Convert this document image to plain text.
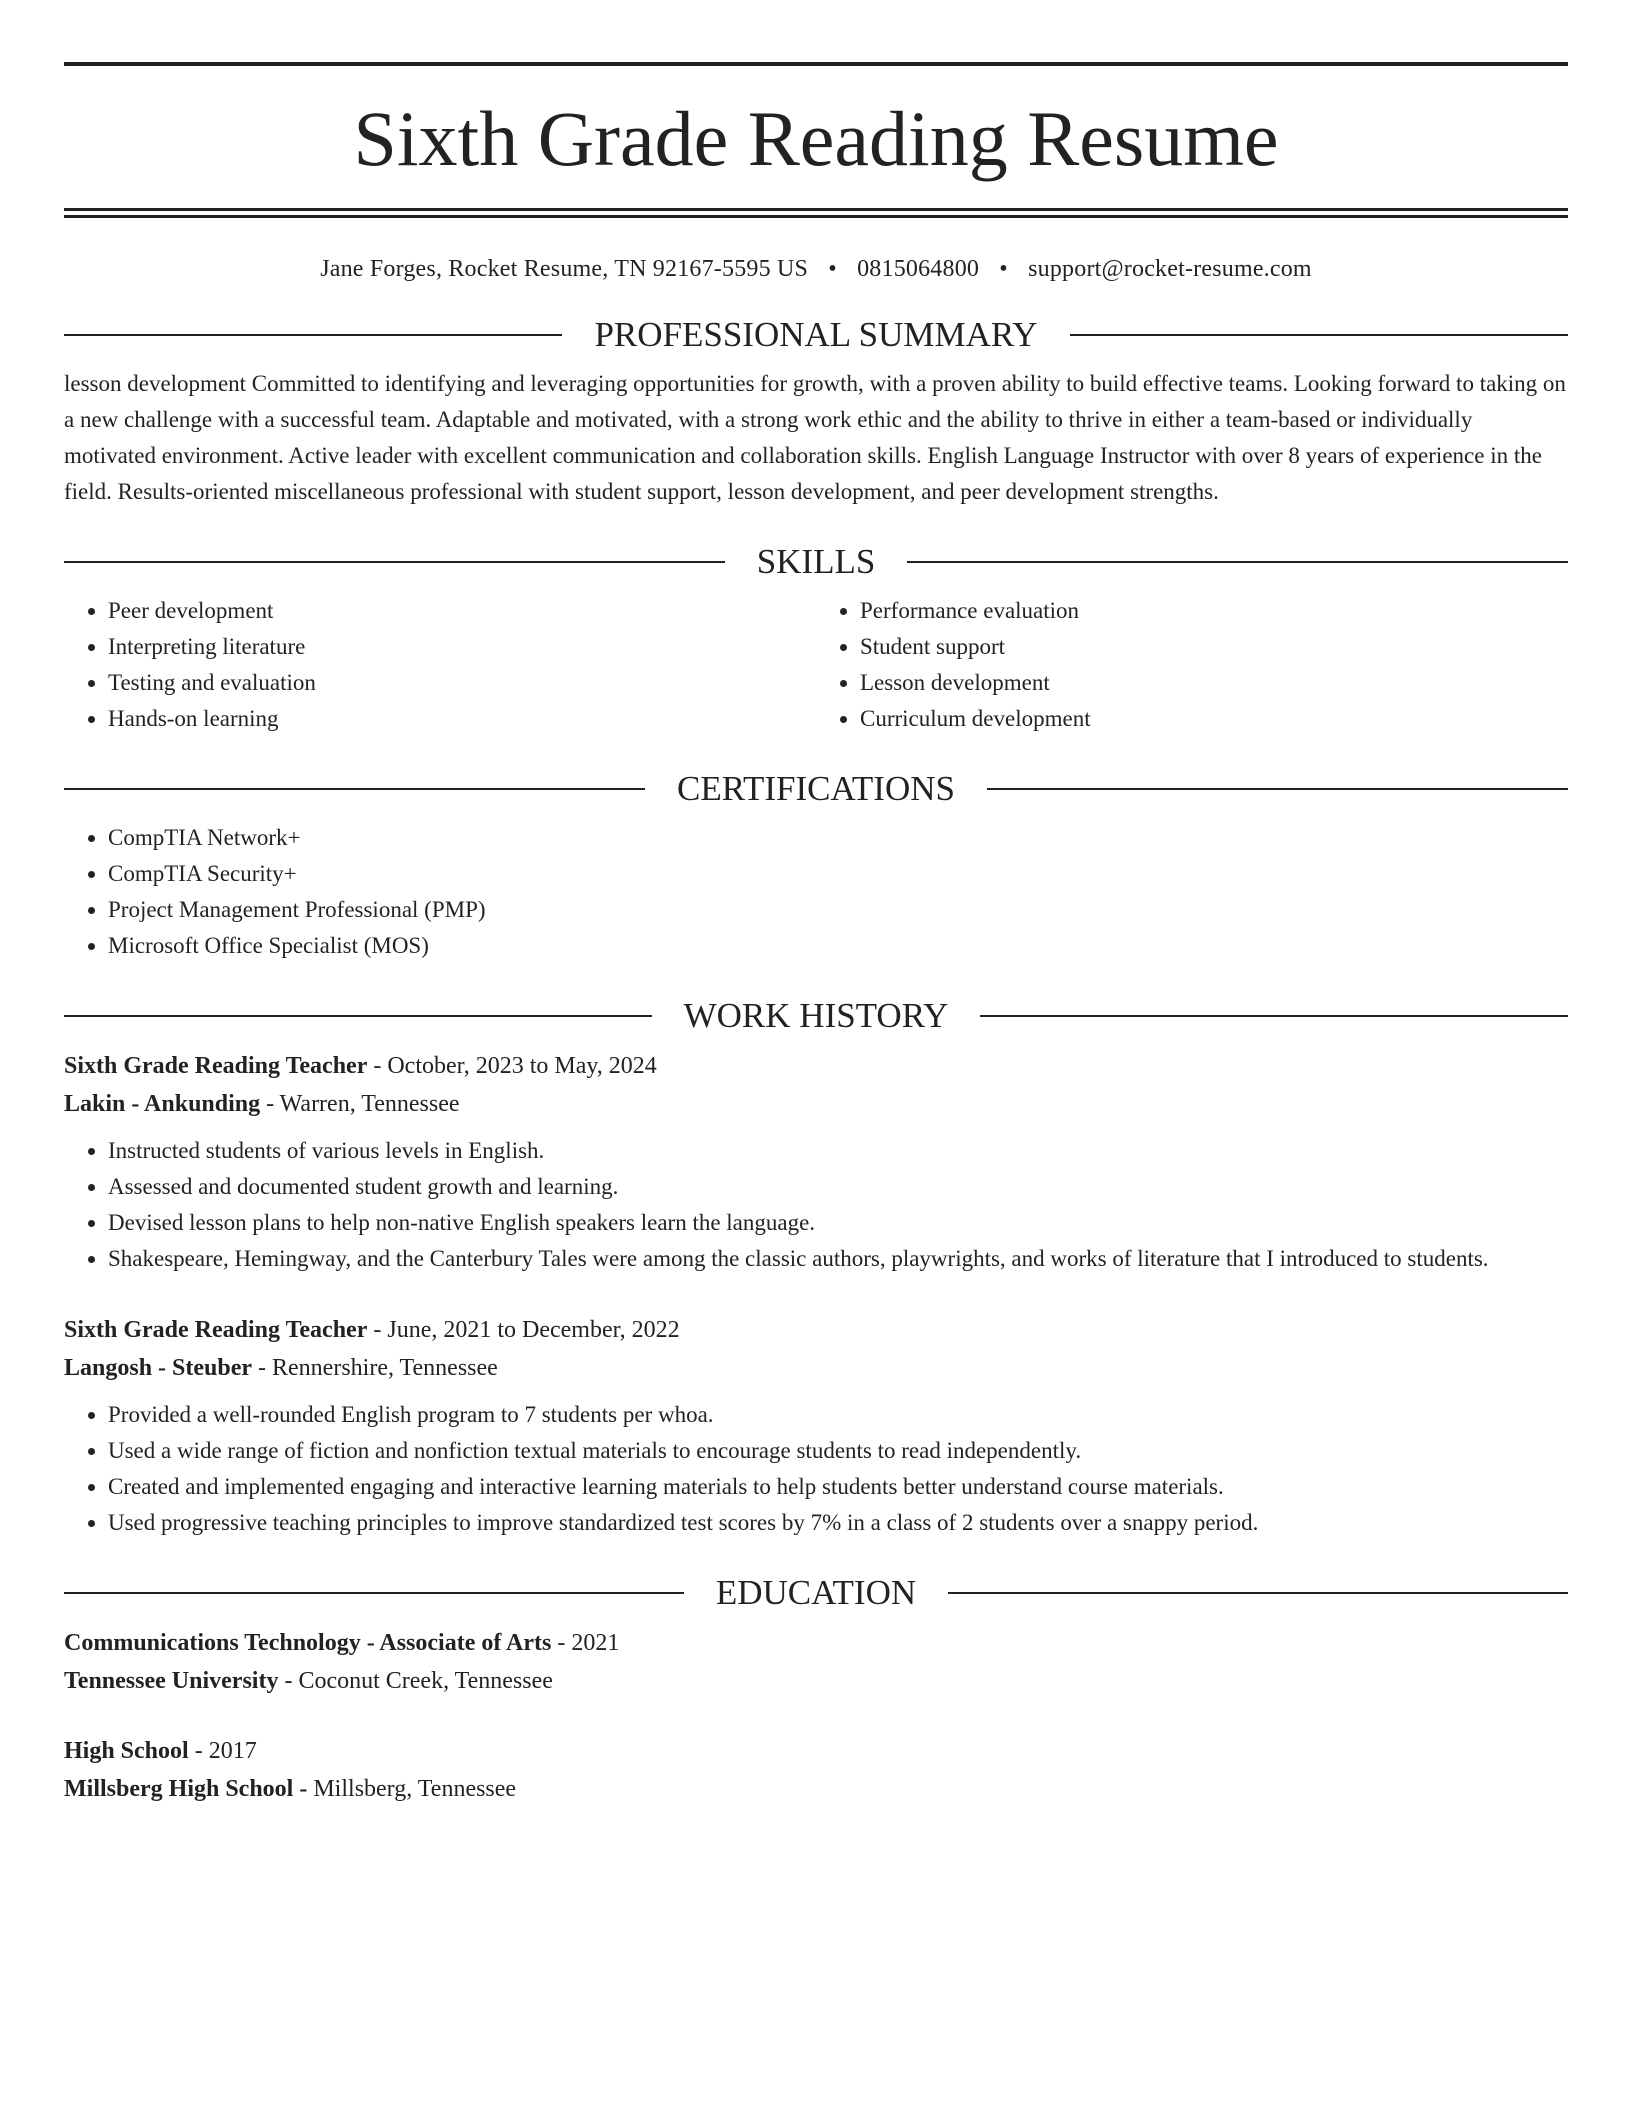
Sixth Grade Reading Resume
Jane Forges, Rocket Resume, TN 92167-5595 US • 0815064800 • support@rocket-resume.com
PROFESSIONAL SUMMARY

lesson development Committed to identifying and leveraging opportunities for growth, with a proven ability to build effective teams. Looking forward to taking on a new challenge with a successful team. Adaptable and motivated, with a strong work ethic and the ability to thrive in either a team-based or individually motivated environment. Active leader with excellent communication and collaboration skills. English Language Instructor with over 8 years of experience in the field. Results-oriented miscellaneous professional with student support, lesson development, and peer development strengths.

SKILLS
• Peer development
• Interpreting literature
• Testing and evaluation
• Hands-on learning
• Performance evaluation
• Student support
• Lesson development
• Curriculum development
CERTIFICATIONS
• CompTIA Network+
• CompTIA Security+
• Project Management Professional (PMP)
• Microsoft Office Specialist (MOS)
WORK HISTORY
Sixth Grade Reading Teacher - October, 2023 to May, 2024
Lakin - Ankunding - Warren, Tennessee
• Instructed students of various levels in English.
• Assessed and documented student growth and learning.
• Devised lesson plans to help non-native English speakers learn the language.
• Shakespeare, Hemingway, and the Canterbury Tales were among the classic authors, playwrights, and works of literature that I introduced to students.
Sixth Grade Reading Teacher - June, 2021 to December, 2022
Langosh - Steuber - Rennershire, Tennessee
• Provided a well-rounded English program to 7 students per whoa.
• Used a wide range of fiction and nonfiction textual materials to encourage students to read independently.
• Created and implemented engaging and interactive learning materials to help students better understand course materials.
• Used progressive teaching principles to improve standardized test scores by 7% in a class of 2 students over a snappy period.
EDUCATION
Communications Technology - Associate of Arts - 2021
Tennessee University - Coconut Creek, Tennessee
High School - 2017
Millsberg High School - Millsberg, Tennessee
